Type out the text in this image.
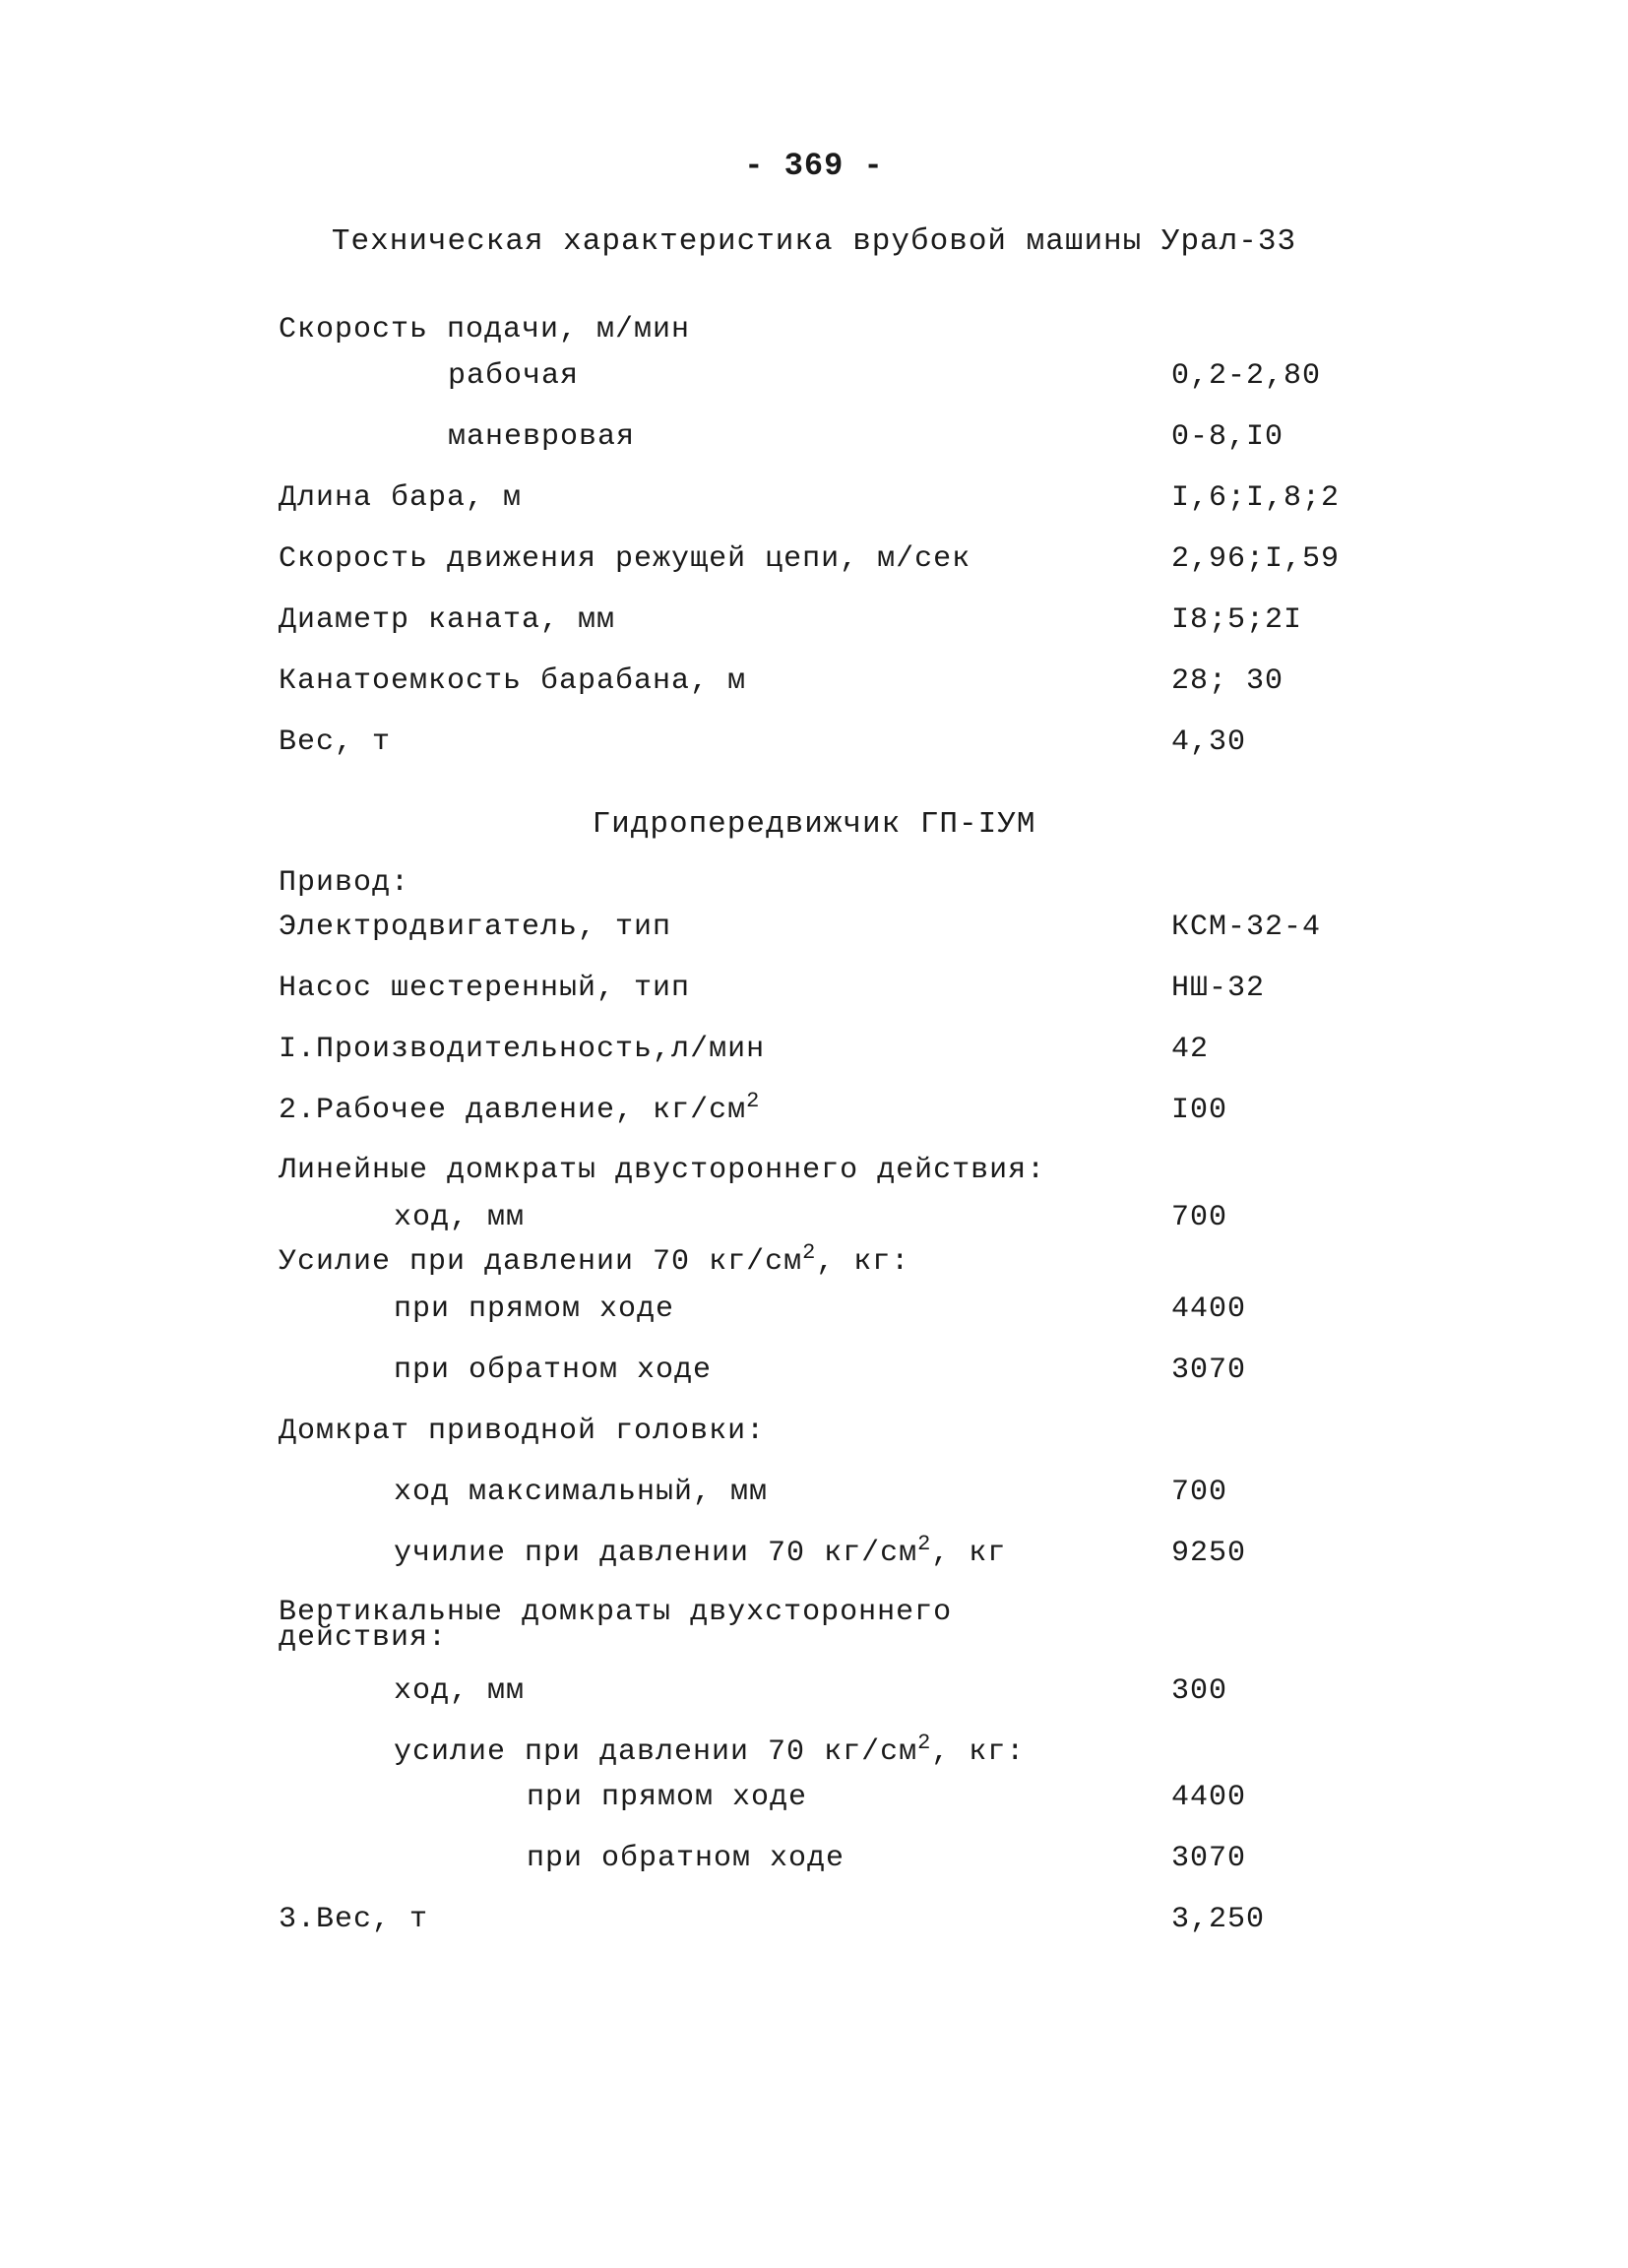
- 369 -
Техническая характеристика врубовой машины Урал-33
Скорость подачи, м/мин
рабочая	0,2-2,80
маневровая	0-8,I0
Длина бара, м	I,6;I,8;2
Скорость движения режущей цепи, м/сек	2,96;I,59
Диаметр каната, мм	I8;5;2I
Канатоемкость барабана, м	28; 30
Вес, т	4,30
Гидропередвижчик ГП-IУМ
Привод:
Электродвигатель, тип	КСМ-32-4
Насос шестеренный, тип	НШ-32
I.Производительность,л/мин	42
2.Рабочее давление, $кг/см^2$	I00
Линейные домкраты двустороннего действия:
ход, мм	700
Усилие при давлении 70 $кг/см^2$, кг:
при прямом ходе	4400
при обратном ходе	3070
Домкрат приводной головки:
ход максимальный, мм	700
училие при давлении 70 $кг/см^2$, кг	9250
Вертикальные домкраты двухстороннего
действия:
ход, мм	300
усилие при давлении 70 $кг/см^2$, кг:
при прямом ходе	4400
при обратном ходе	3070
3.Вес, т	3,250
